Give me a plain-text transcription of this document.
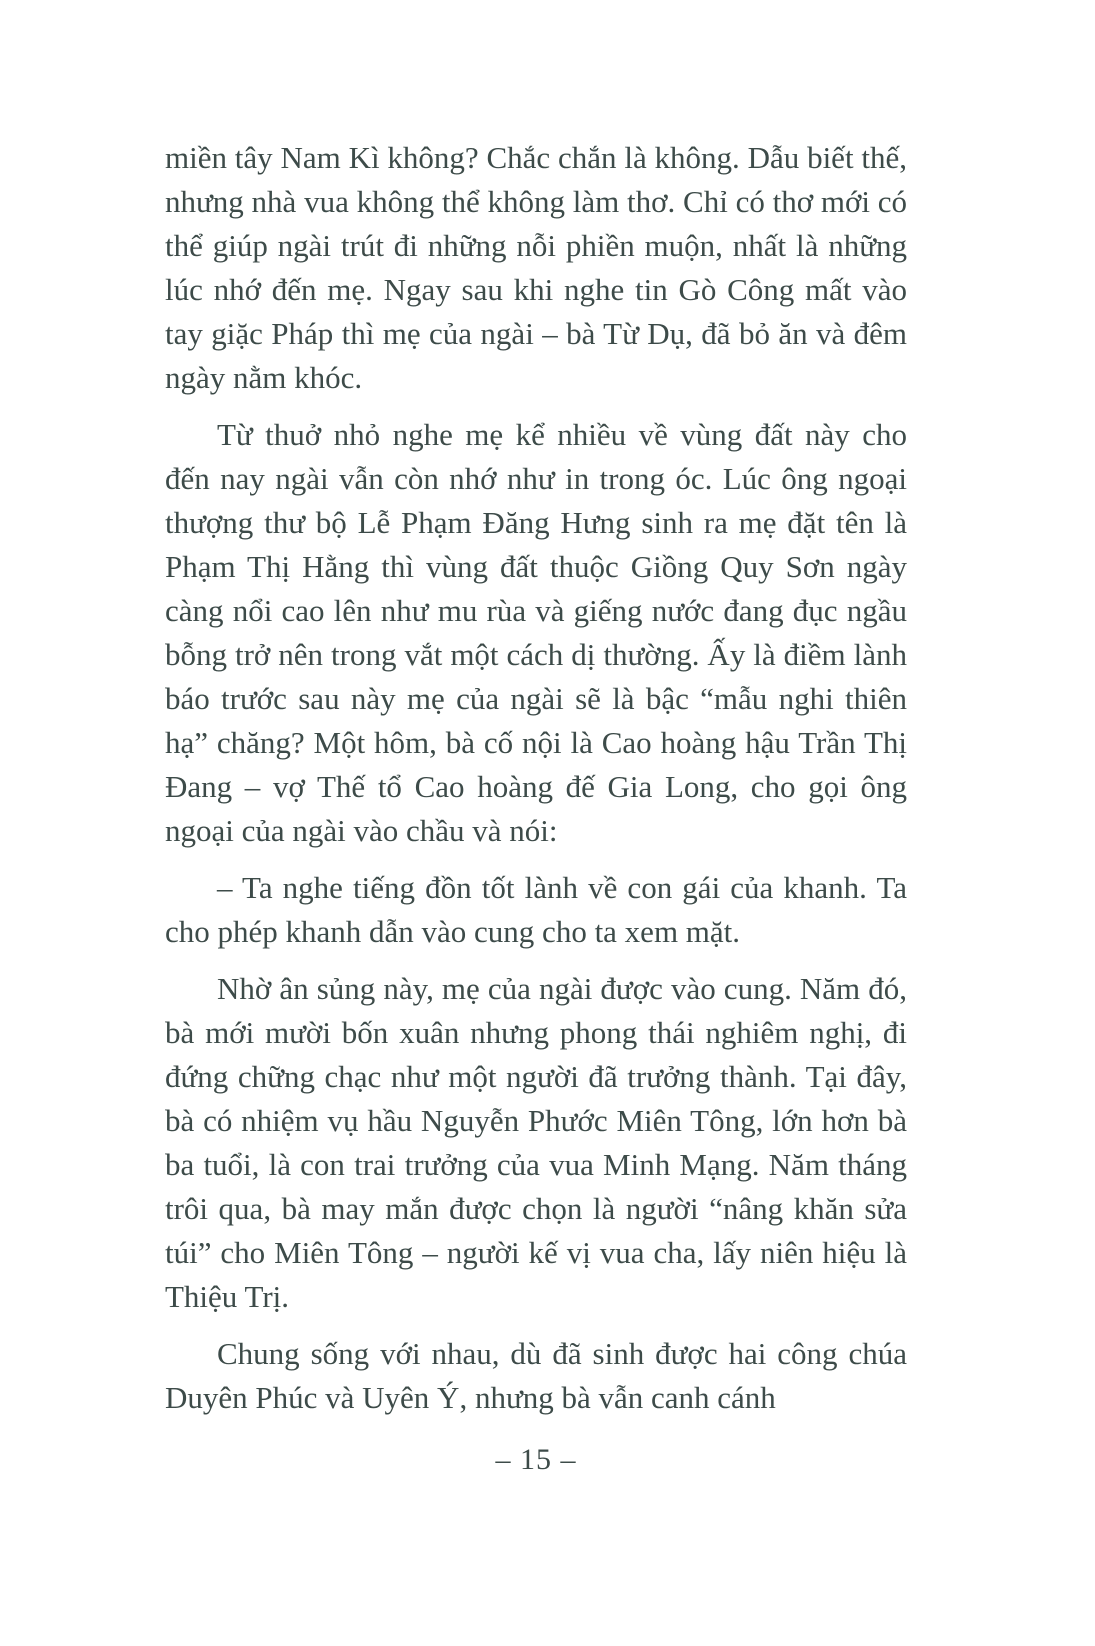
miền tây Nam Kì không? Chắc chắn là không. Dẫu biết thế, nhưng nhà vua không thể không làm thơ. Chỉ có thơ mới có thể giúp ngài trút đi những nỗi phiền muộn, nhất là những lúc nhớ đến mẹ. Ngay sau khi nghe tin Gò Công mất vào tay giặc Pháp thì mẹ của ngài – bà Từ Dụ, đã bỏ ăn và đêm ngày nằm khóc.

Từ thuở nhỏ nghe mẹ kể nhiều về vùng đất này cho đến nay ngài vẫn còn nhớ như in trong óc. Lúc ông ngoại thượng thư bộ Lễ Phạm Đăng Hưng sinh ra mẹ đặt tên là Phạm Thị Hằng thì vùng đất thuộc Giồng Quy Sơn ngày càng nổi cao lên như mu rùa và giếng nước đang đục ngầu bỗng trở nên trong vắt một cách dị thường. Ấy là điềm lành báo trước sau này mẹ của ngài sẽ là bậc “mẫu nghi thiên hạ” chăng? Một hôm, bà cố nội là Cao hoàng hậu Trần Thị Đang – vợ Thế tổ Cao hoàng đế Gia Long, cho gọi ông ngoại của ngài vào chầu và nói:

– Ta nghe tiếng đồn tốt lành về con gái của khanh. Ta cho phép khanh dẫn vào cung cho ta xem mặt.

Nhờ ân sủng này, mẹ của ngài được vào cung. Năm đó, bà mới mười bốn xuân nhưng phong thái nghiêm nghị, đi đứng chững chạc như một người đã trưởng thành. Tại đây, bà có nhiệm vụ hầu Nguyễn Phước Miên Tông, lớn hơn bà ba tuổi, là con trai trưởng của vua Minh Mạng. Năm tháng trôi qua, bà may mắn được chọn là người “nâng khăn sửa túi” cho Miên Tông – người kế vị vua cha, lấy niên hiệu là Thiệu Trị.

Chung sống với nhau, dù đã sinh được hai công chúa Duyên Phúc và Uyên Ý, nhưng bà vẫn canh cánh

– 15 –
